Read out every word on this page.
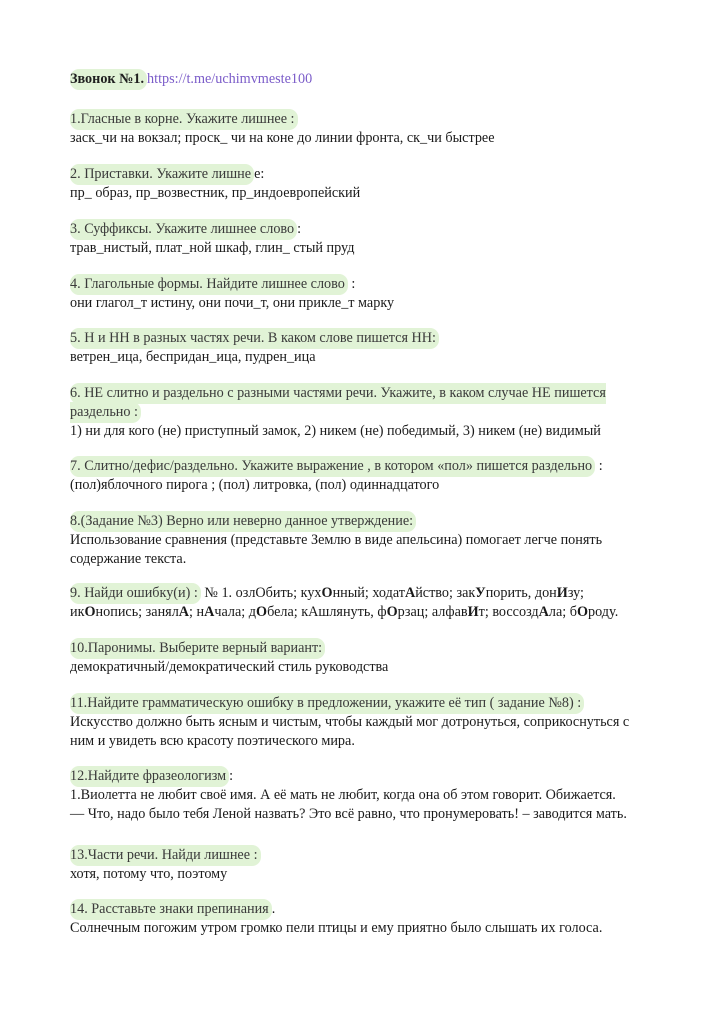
Звонок №1. https://t.me/uchimvmeste100
1.Гласные в корне. Укажите лишнее :
заск_чи на вокзал; проск_ чи на коне до линии фронта, ск_чи быстрее
2. Приставки. Укажите лишне е:
пр_ образ, пр_возвестник, пр_индоевропейский
3. Суффиксы. Укажите лишнее слово :
трав_нистый, плат_ной шкаф, глин_ стый пруд
4. Глагольные формы. Найдите лишнее слово :
они глагол_т истину, они почи_т, они прикле_т марку
5. Н и НН в разных частях речи. В каком слове пишется НН:
ветрен_ица, беспридан_ица, пудрен_ица
6. НЕ слитно и раздельно с разными частями речи. Укажите, в каком случае НЕ пишется раздельно :
1) ни для кого (не) приступный замок, 2) никем (не) победимый, 3) никем (не) видимый
7. Слитно/дефис/раздельно. Укажите выражение , в котором «пол» пишется раздельно :
(пол)яблочного пирога ; (пол) литровка, (пол) одиннадцатого
8.(Задание №3) Верно или неверно данное утверждение:
Использование сравнения (представьте Землю в виде апельсина) помогает легче понять содержание текста.
9. Найди ошибку(и) : № 1. озлОбить; кухОнный; ходатАйство; закУпорить, донИзу;
икОнопись; занялА; нАчала; дОбела; кАшлянуть, фОрзац; алфавИт; воссоздАла; бОроду.
10.Паронимы. Выберите верный вариант:
демократичный/демократический стиль руководства
11.Найдите грамматическую ошибку в предложении, укажите её тип ( задание №8) :
Искусство должно быть ясным и чистым, чтобы каждый мог дотронуться, соприкоснуться с ним и увидеть всю красоту поэтического мира.
12.Найдите фразеологизм :
1.Виолетта не любит своё имя. А её мать не любит, когда она об этом говорит. Обижается.
— Что, надо было тебя Леной назвать? Это всё равно, что пронумеровать! – заводится мать.
13.Части речи. Найди лишнее :
хотя, потому что, поэтому
14. Расставьте знаки препинания .
Солнечным погожим утром громко пели птицы и ему приятно было слышать их голоса.
